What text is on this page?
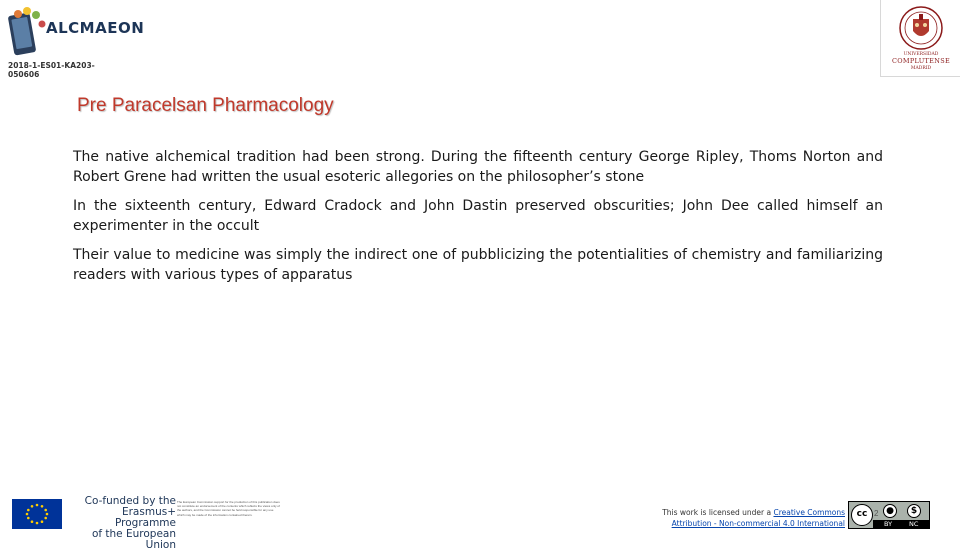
ALCMAEON
2018-1-ES01-KA203-050606
UNIVERSIDAD
COMPLUTENSE
MADRID
Pre Paracelsan Pharmacology

The native alchemical tradition had been strong. During the fifteenth century George Ripley, Thoms Norton and Robert Grene had written the usual esoteric allegories on the philosopher’s stone

In the sixteenth century, Edward Cradock and John Dastin preserved obscurities; John Dee called himself an experimenter in the occult

Their value to medicine was simply the indirect one of pubblicizing the potentialities of chemistry and familiarizing readers with various types of apparatus

Co-funded by the
Erasmus+ Programme
of the European Union
The European Commission support for the production of this publication does not constitute an endorsement of the contents which reflects the views only of the authors, and the Commission cannot be held responsible for any use which may be made of the information contained therein.	This work is licensed under a Creative Commons
Attribution - Non-commercial 4.0 International
cc	●	$
BY	NC
2
